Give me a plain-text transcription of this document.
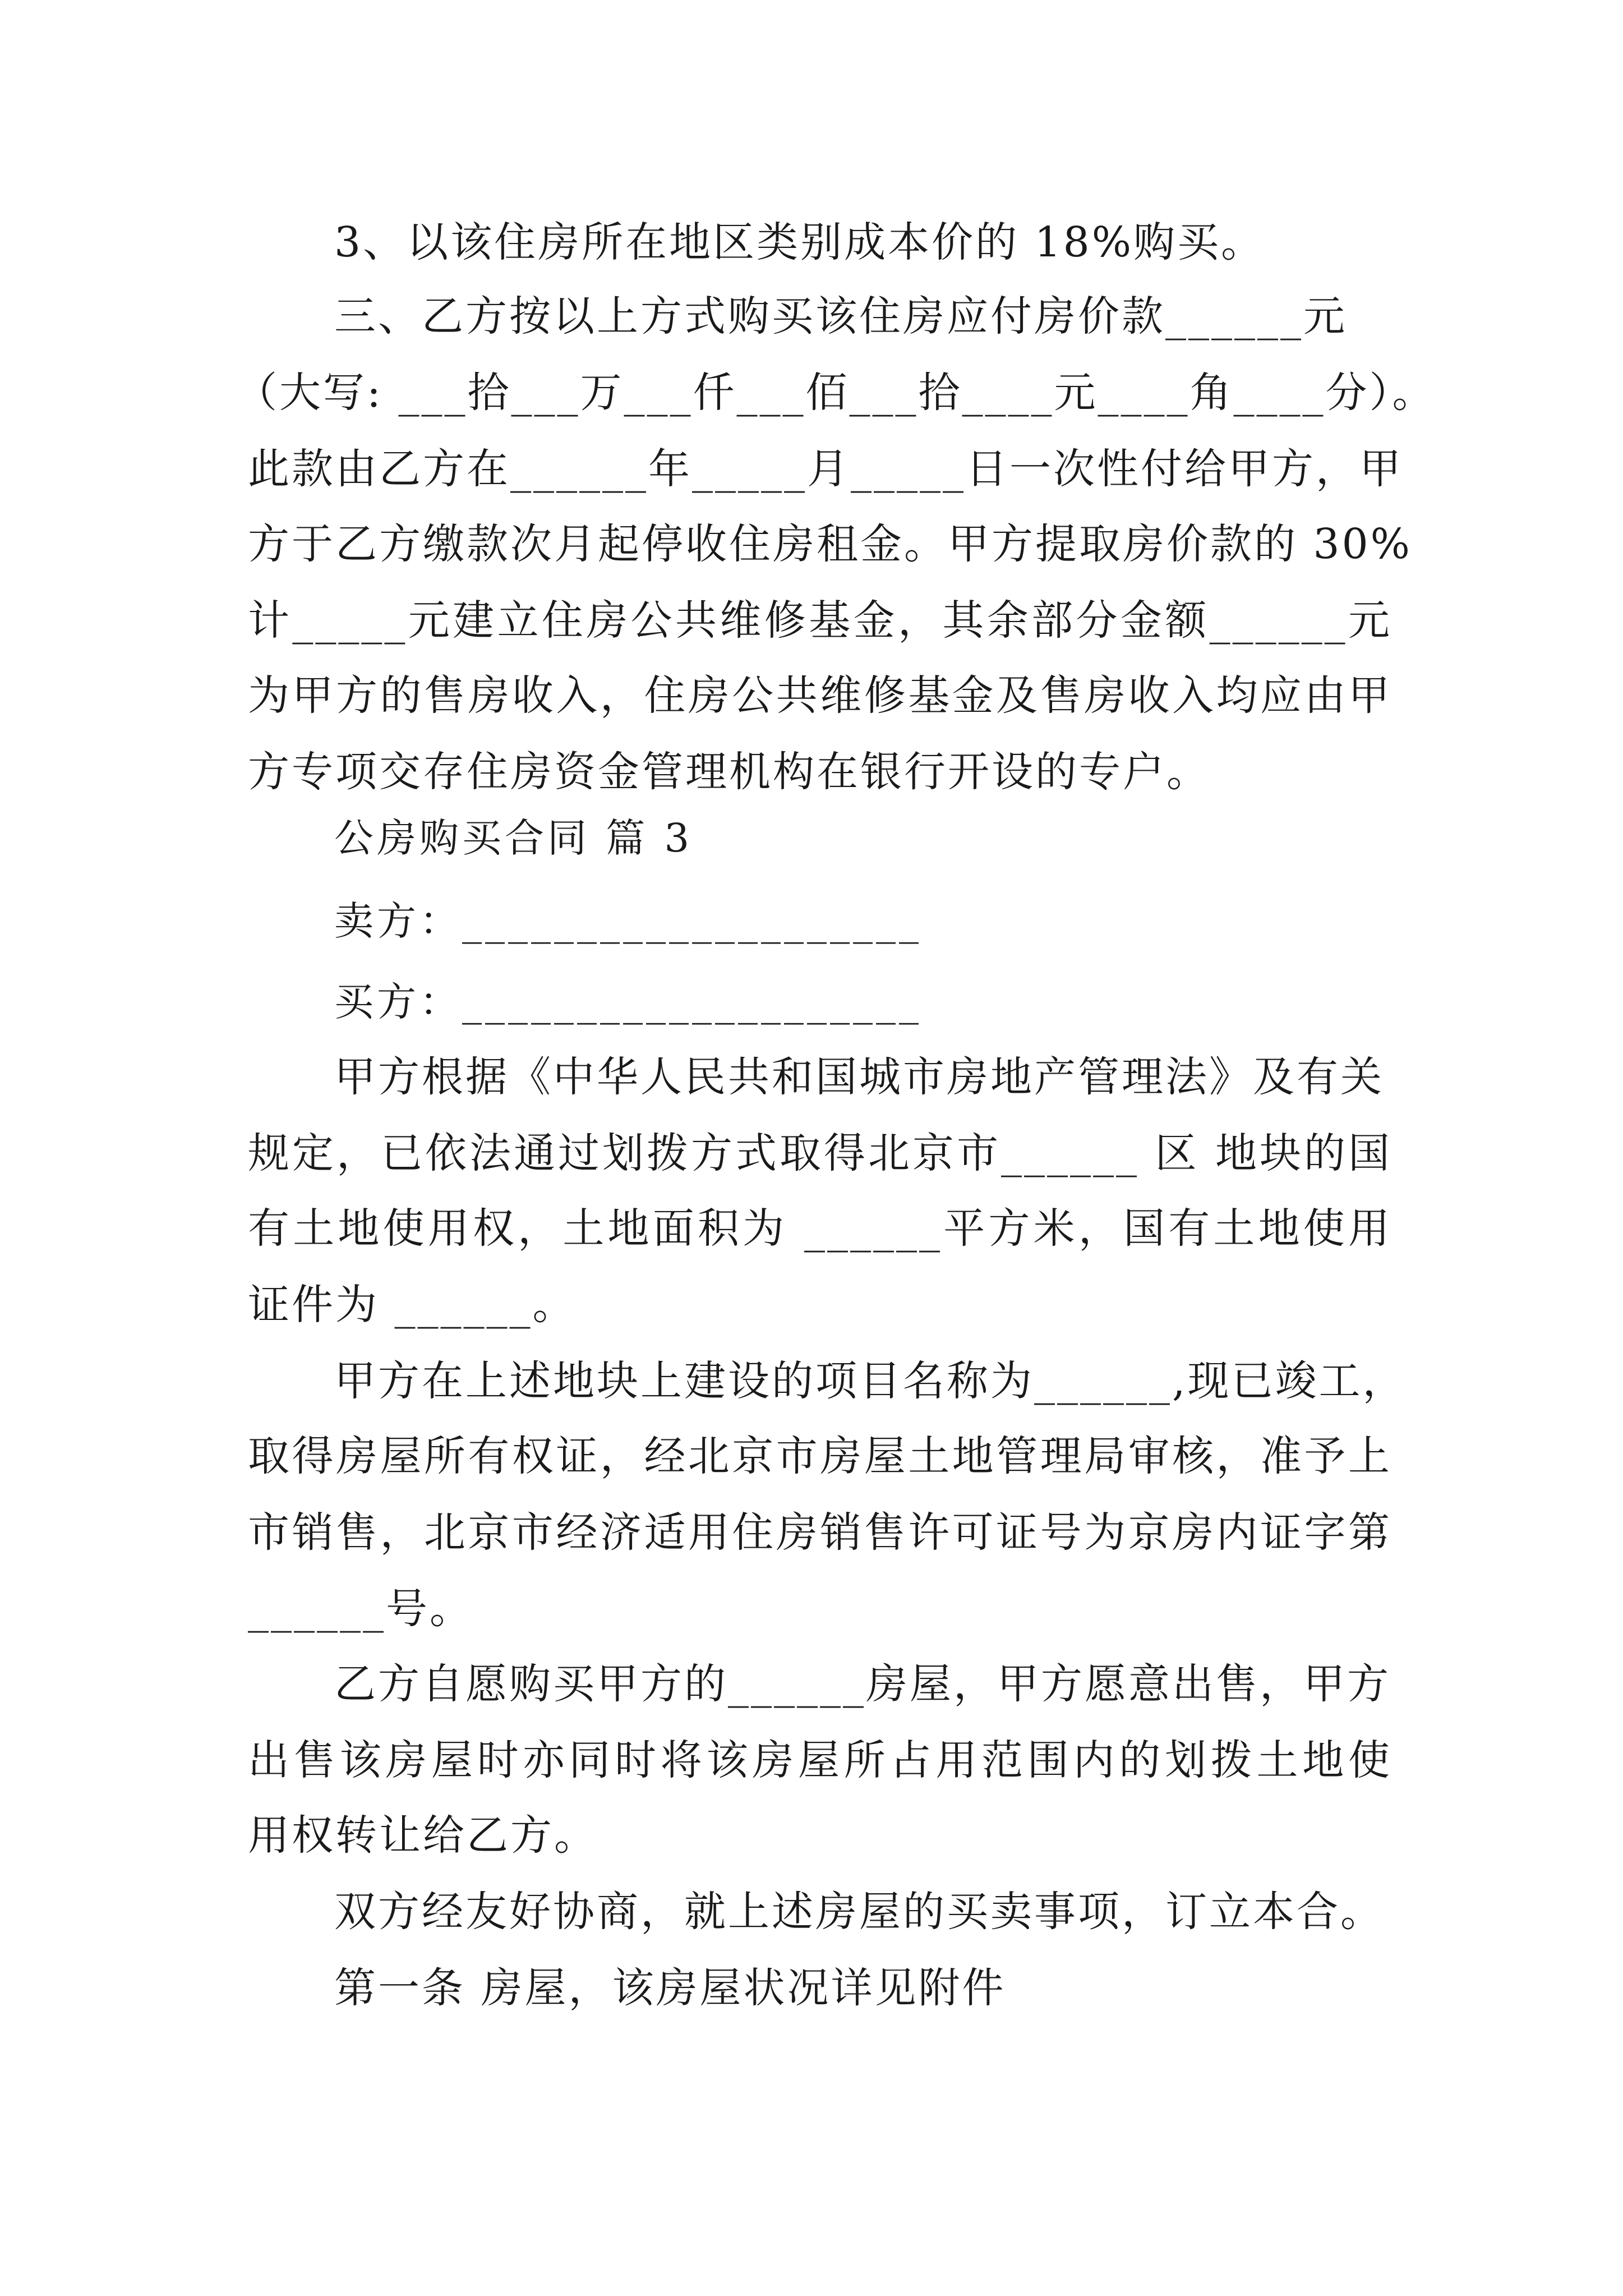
3、以该住房所在地区类别成本价的 18%购买。
三、乙方按以上方式购买该住房应付房价款______元
（大写: ___拾___万___仟___佰___拾____元____角____分）。
此款由乙方在______年_____月_____日一次性付给甲方，甲
方于乙方缴款次月起停收住房租金。甲方提取房价款的 30%
计_____元建立住房公共维修基金，其余部分金额______元
为甲方的售房收入，住房公共维修基金及售房收入均应由甲
方专项交存住房资金管理机构在银行开设的专户。
公房购买合同 篇 3
卖方：____________________
买方：____________________
甲方根据《中华人民共和国城市房地产管理法》及有关
规定，已依法通过划拨方式取得北京市______ 区 地块的国
有土地使用权，土地面积为 ______平方米，国有土地使用
证件为 ______。
甲方在上述地块上建设的项目名称为______,现已竣工，
取得房屋所有权证，经北京市房屋土地管理局审核，准予上
市销售，北京市经济适用住房销售许可证号为京房内证字第
______号。
乙方自愿购买甲方的______房屋，甲方愿意出售，甲方
出售该房屋时亦同时将该房屋所占用范围内的划拨土地使
用权转让给乙方。
双方经友好协商，就上述房屋的买卖事项，订立本合。
第一条 房屋，该房屋状况详见附件
